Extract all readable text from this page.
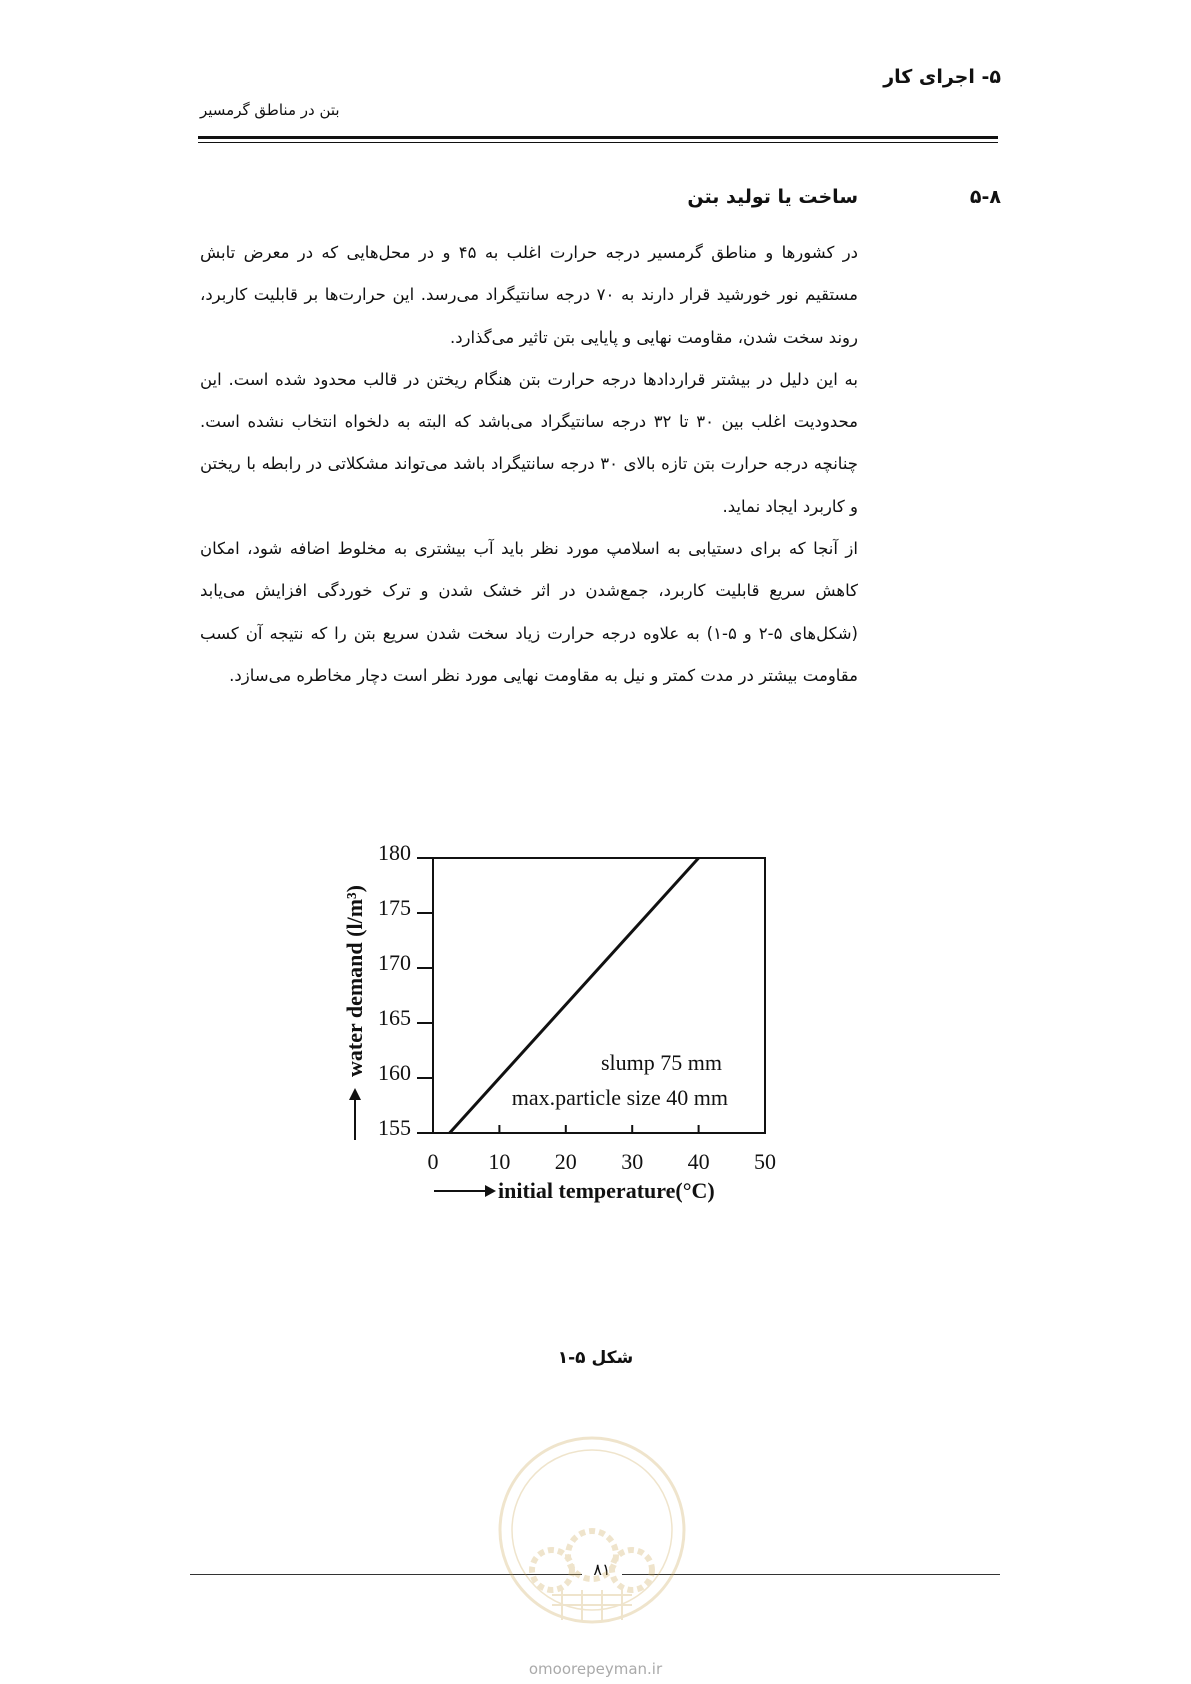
۵- اجرای کار
بتن در مناطق گرمسیر
۵-۸
ساخت یا تولید بتن

در کشورها و مناطق گرمسیر درجه حرارت اغلب به ۴۵ و در محل‌هایی که در معرض تابش مستقیم نور خورشید قرار دارند به ۷۰ درجه سانتیگراد می‌رسد. این حرارت‌ها بر قابلیت کاربرد، روند سخت شدن، مقاومت نهایی و پایایی بتن تاثیر می‌گذارد.

به این دلیل در بیشتر قراردادها درجه حرارت بتن هنگام ریختن در قالب محدود شده است. این محدودیت اغلب بین ۳۰ تا ۳۲ درجه سانتیگراد می‌باشد که البته به دلخواه انتخاب نشده است. چنانچه درجه حرارت بتن تازه بالای ۳۰ درجه سانتیگراد باشد می‌تواند مشکلاتی در رابطه با ریختن و کاربرد ایجاد نماید.

از آنجا که برای دستیابی به اسلامپ مورد نظر باید آب بیشتری به مخلوط اضافه شود، امکان کاهش سریع قابلیت کاربرد، جمع‌شدن در اثر خشک شدن و ترک خوردگی افزایش می‌یابد (شکل‌های ۵-۲ و ۵-۱) به علاوه درجه حرارت زیاد سخت شدن سریع بتن را که نتیجه آن کسب مقاومت بیشتر در مدت کمتر و نیل به مقاومت نهایی مورد نظر است دچار مخاطره می‌سازد.

155
160
165
170
175
180
0 10 20 30 40 50
slump 75 mm
max.particle size 40 mm
initial temperature(°C)
water demand (l/m³)
شکل ۵-۱
۸۱
omoorepeyman.ir
